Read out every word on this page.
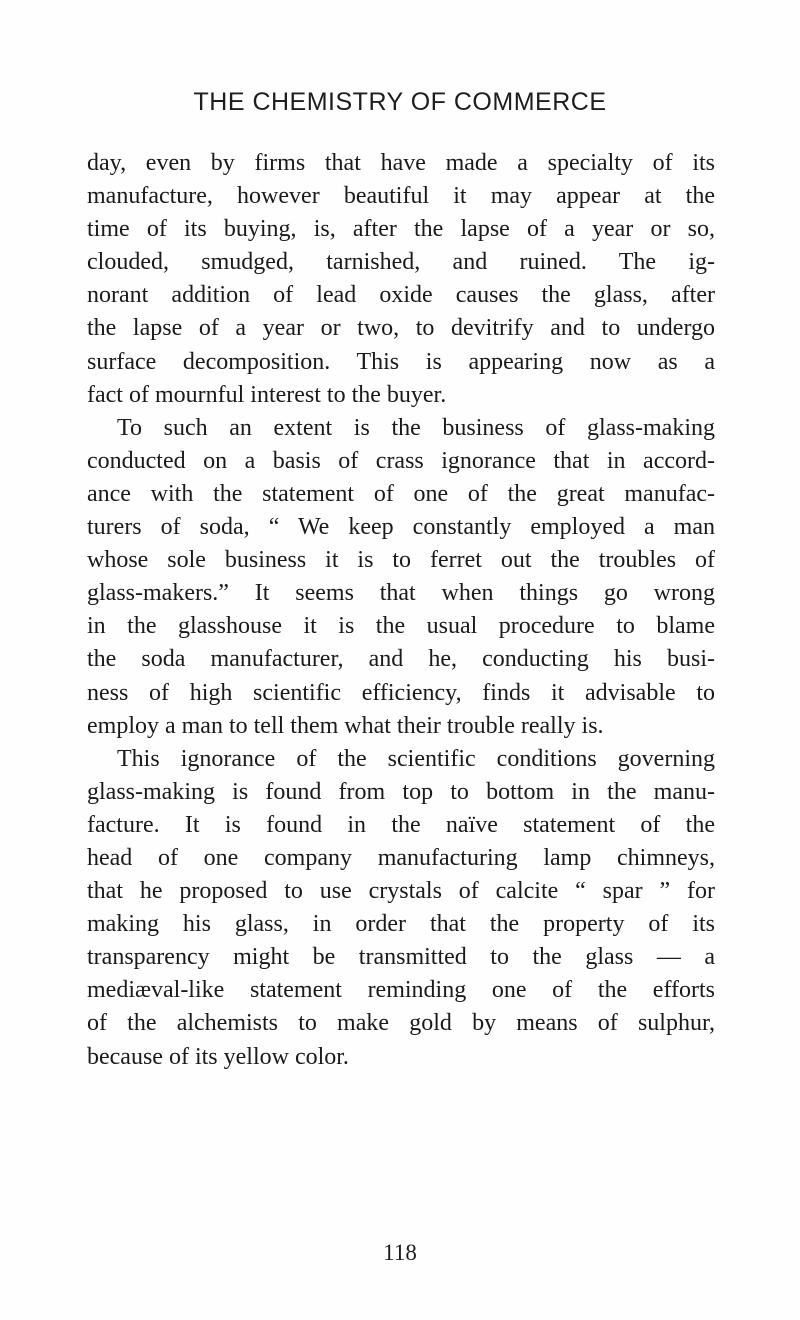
THE CHEMISTRY OF COMMERCE
day, even by firms that have made a specialty of its
manufacture, however beautiful it may appear at the
time of its buying, is, after the lapse of a year or so,
clouded, smudged, tarnished, and ruined. The ig-
norant addition of lead oxide causes the glass, after
the lapse of a year or two, to devitrify and to undergo
surface decomposition. This is appearing now as a
fact of mournful interest to the buyer.
To such an extent is the business of glass-making
conducted on a basis of crass ignorance that in accord-
ance with the statement of one of the great manufac-
turers of soda, “ We keep constantly employed a man
whose sole business it is to ferret out the troubles of
glass-makers.” It seems that when things go wrong
in the glasshouse it is the usual procedure to blame
the soda manufacturer, and he, conducting his busi-
ness of high scientific efficiency, finds it advisable to
employ a man to tell them what their trouble really is.
This ignorance of the scientific conditions governing
glass-making is found from top to bottom in the manu-
facture. It is found in the naïve statement of the
head of one company manufacturing lamp chimneys,
that he proposed to use crystals of calcite “ spar ” for
making his glass, in order that the property of its
transparency might be transmitted to the glass — a
mediæval-like statement reminding one of the efforts
of the alchemists to make gold by means of sulphur,
because of its yellow color.
118
